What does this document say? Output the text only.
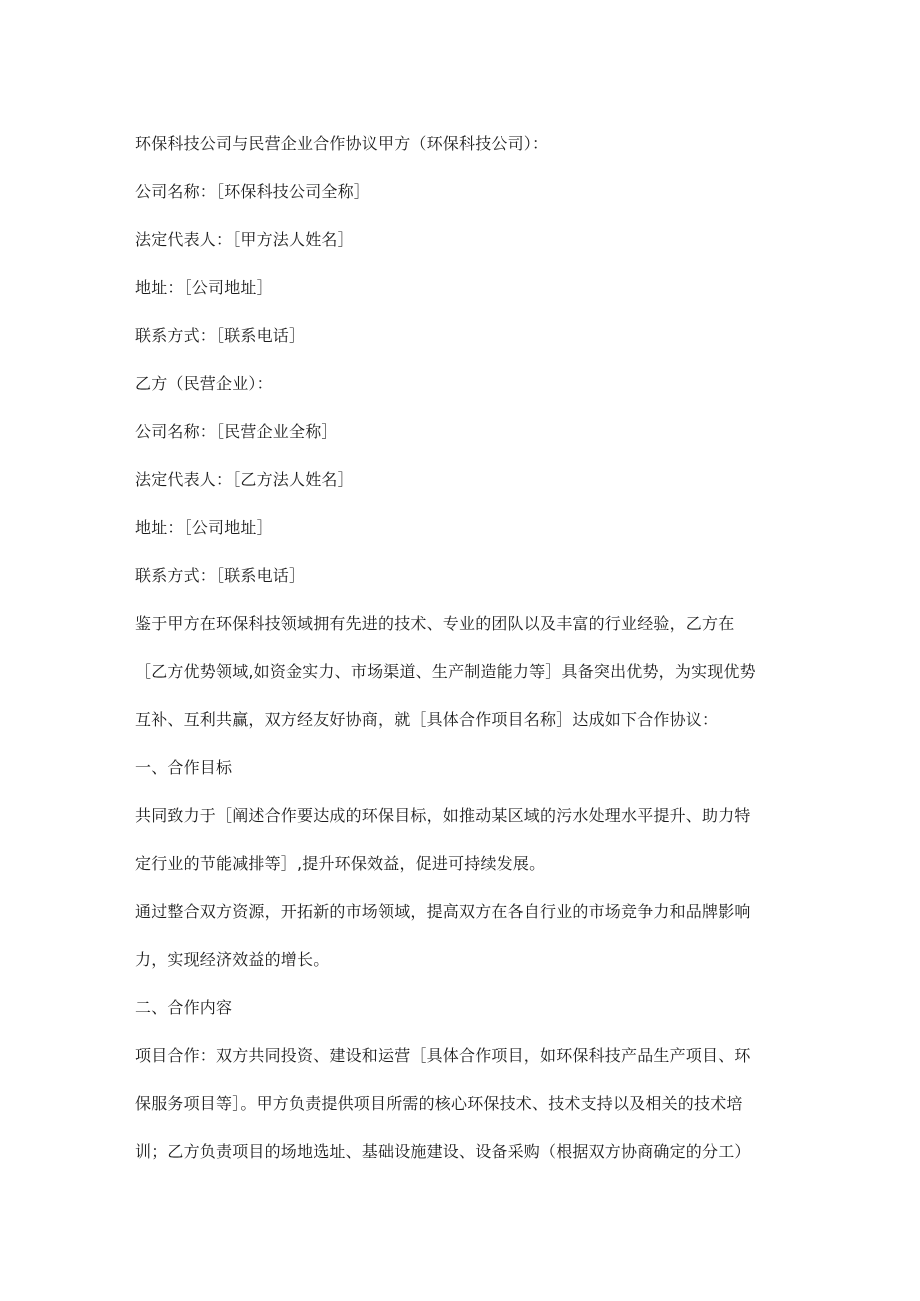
环保科技公司与民营企业合作协议甲方（环保科技公司）：
公司名称：［环保科技公司全称］
法定代表人：［甲方法人姓名］
地址：［公司地址］
联系方式：［联系电话］
乙方（民营企业）：
公司名称：［民营企业全称］
法定代表人：［乙方法人姓名］
地址：［公司地址］
联系方式：［联系电话］
鉴于甲方在环保科技领域拥有先进的技术、专业的团队以及丰富的行业经验，乙方在
［乙方优势领域,如资金实力、市场渠道、生产制造能力等］具备突出优势，为实现优势
互补、互利共赢，双方经友好协商，就［具体合作项目名称］达成如下合作协议：
一、合作目标
共同致力于［阐述合作要达成的环保目标，如推动某区域的污水处理水平提升、助力特
定行业的节能减排等］,提升环保效益，促进可持续发展。
通过整合双方资源，开拓新的市场领域，提高双方在各自行业的市场竞争力和品牌影响
力，实现经济效益的增长。
二、合作内容
项目合作：双方共同投资、建设和运营［具体合作项目，如环保科技产品生产项目、环
保服务项目等］。甲方负责提供项目所需的核心环保技术、技术支持以及相关的技术培
训；乙方负责项目的场地选址、基础设施建设、设备采购（根据双方协商确定的分工）
